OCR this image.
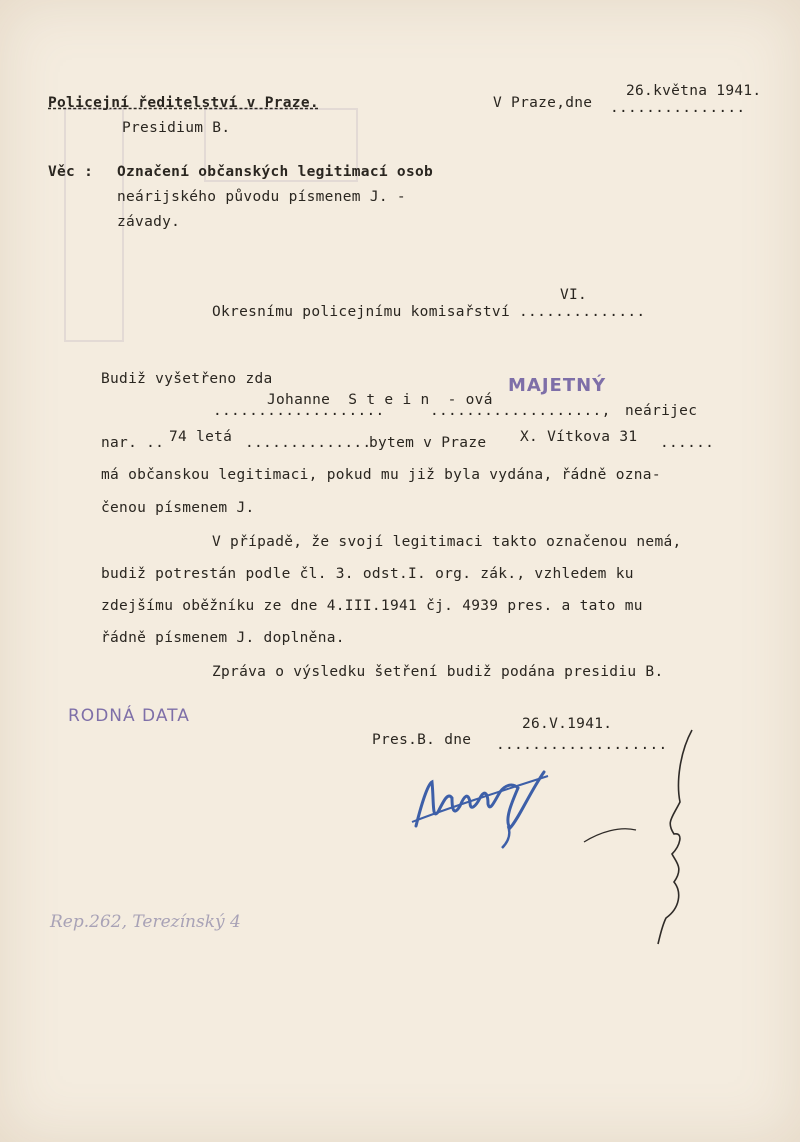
Policejní ředitelství v Praze.
Presidium B.
V Praze,dne ...............
26.května 1941.
Věc : Označení občanských legitimací osob
neárijského původu písmenem J. -
závady.
VI.
Okresnímu policejnímu komisařství ..............
Budiž vyšetřeno zda	MAJETNÝ
...................
Johanne  S t e i n  - ová
..................., neárijec
nar. .. 74 letá ..............
bytem v Praze X. Vítkova 31 ......
má občanskou legitimaci, pokud mu již byla vydána, řádně ozna-
čenou písmenem J.
V případě, že svojí legitimaci takto označenou nemá,
budiž potrestán podle čl. 3. odst.I. org. zák., vzhledem ku
zdejšímu oběžníku ze dne 4.III.1941 čj. 4939 pres. a tato mu
řádně písmenem J. doplněna.
Zpráva o výsledku šetření budiž podána presidiu B.
RODNÁ DATA	26.V.1941.
Pres.B. dne ...................
Rep.262, Terezínský 4
